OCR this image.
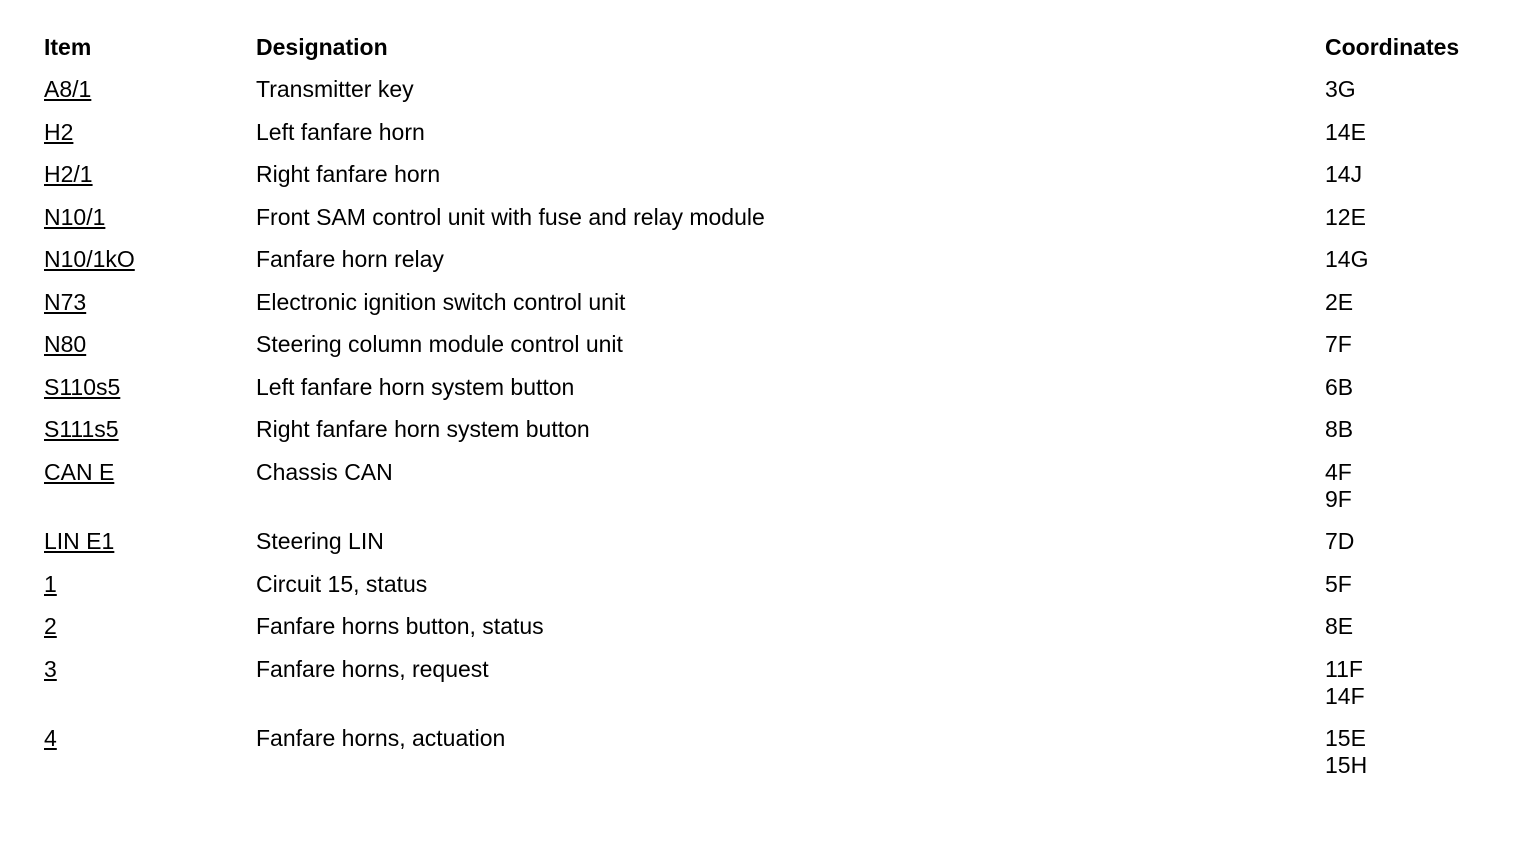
Item	Designation	Coordinates
A8/1	Transmitter key	3G
H2	Left fanfare horn	14E
H2/1	Right fanfare horn	14J
N10/1	Front SAM control unit with fuse and relay module	12E
N10/1kO	Fanfare horn relay	14G
N73	Electronic ignition switch control unit	2E
N80	Steering column module control unit	7F
S110s5	Left fanfare horn system button	6B
S111s5	Right fanfare horn system button	8B
CAN E	Chassis CAN	4F
9F
LIN E1	Steering LIN	7D
1	Circuit 15, status	5F
2	Fanfare horns button, status	8E
3	Fanfare horns, request	11F
14F
4	Fanfare horns, actuation	15E
15H
